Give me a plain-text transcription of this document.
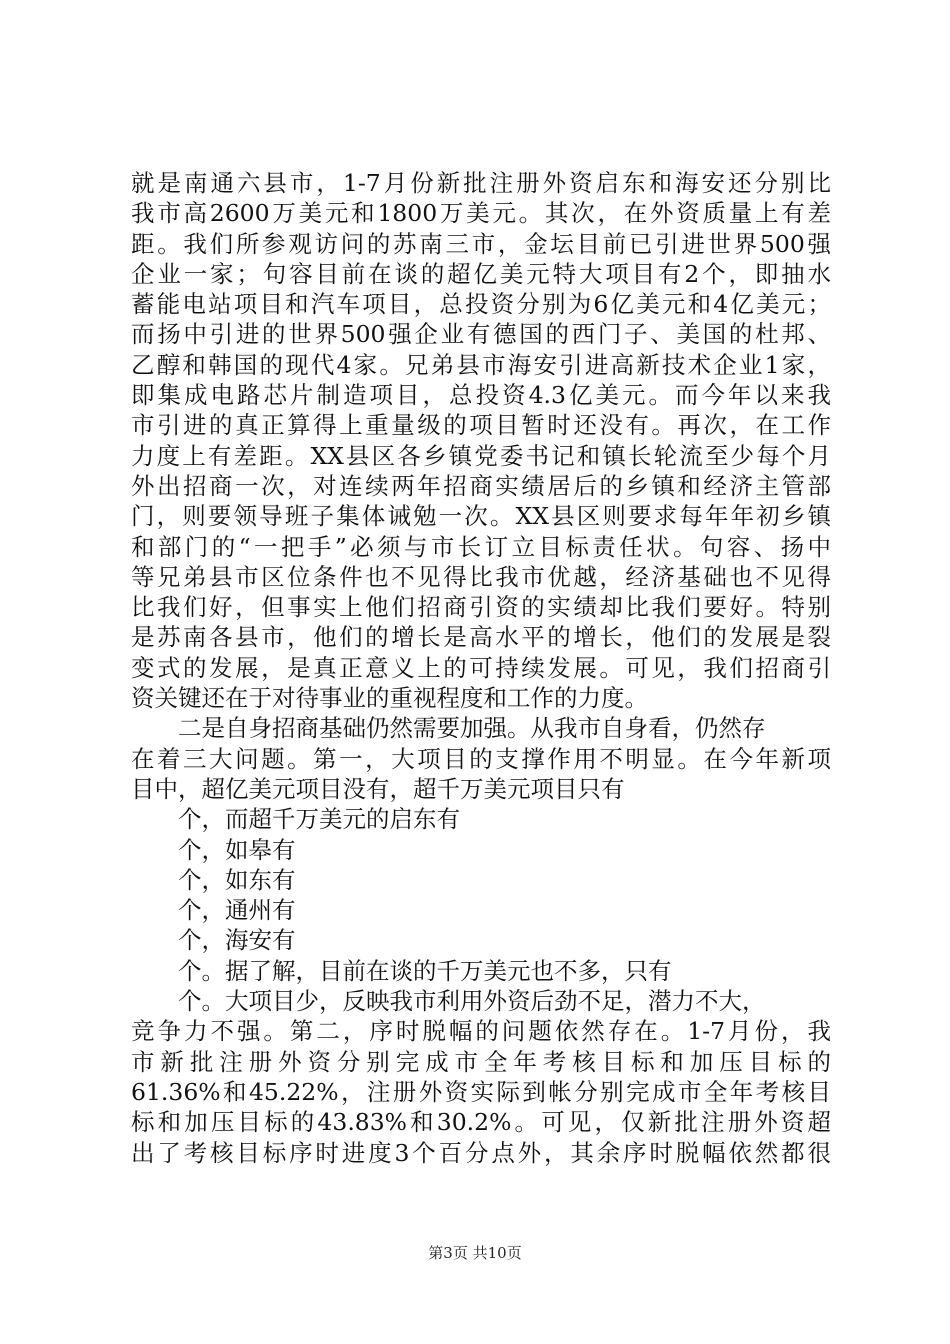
就是南通六县市，1-7月份新批注册外资启东和海安还分别比
我市高2600万美元和1800万美元。其次，在外资质量上有差
距。我们所参观访问的苏南三市，金坛目前已引进世界500强
企业一家；句容目前在谈的超亿美元特大项目有2个，即抽水
蓄能电站项目和汽车项目，总投资分别为6亿美元和4亿美元；
而扬中引进的世界500强企业有德国的西门子、美国的杜邦、
乙醇和韩国的现代4家。兄弟县市海安引进高新技术企业1家，
即集成电路芯片制造项目，总投资4.3亿美元。而今年以来我
市引进的真正算得上重量级的项目暂时还没有。再次，在工作
力度上有差距。XX县区各乡镇党委书记和镇长轮流至少每个月
外出招商一次，对连续两年招商实绩居后的乡镇和经济主管部
门，则要领导班子集体诫勉一次。XX县区则要求每年年初乡镇
和部门的“一把手”必须与市长订立目标责任状。句容、扬中
等兄弟县市区位条件也不见得比我市优越，经济基础也不见得
比我们好，但事实上他们招商引资的实绩却比我们要好。特别
是苏南各县市，他们的增长是高水平的增长，他们的发展是裂
变式的发展，是真正意义上的可持续发展。可见，我们招商引
资关键还在于对待事业的重视程度和工作的力度。
二是自身招商基础仍然需要加强。从我市自身看，仍然存
在着三大问题。第一，大项目的支撑作用不明显。在今年新项
目中，超亿美元项目没有，超千万美元项目只有
个，而超千万美元的启东有
个，如皋有
个，如东有
个，通州有
个，海安有
个。据了解，目前在谈的千万美元也不多，只有
个。大项目少，反映我市利用外资后劲不足，潜力不大，
竞争力不强。第二，序时脱幅的问题依然存在。1-7月份，我
市新批注册外资分别完成市全年考核目标和加压目标的
61.36%和45.22%，注册外资实际到帐分别完成市全年考核目
标和加压目标的43.83%和30.2%。可见，仅新批注册外资超
出了考核目标序时进度3个百分点外，其余序时脱幅依然都很
第3页 共10页
